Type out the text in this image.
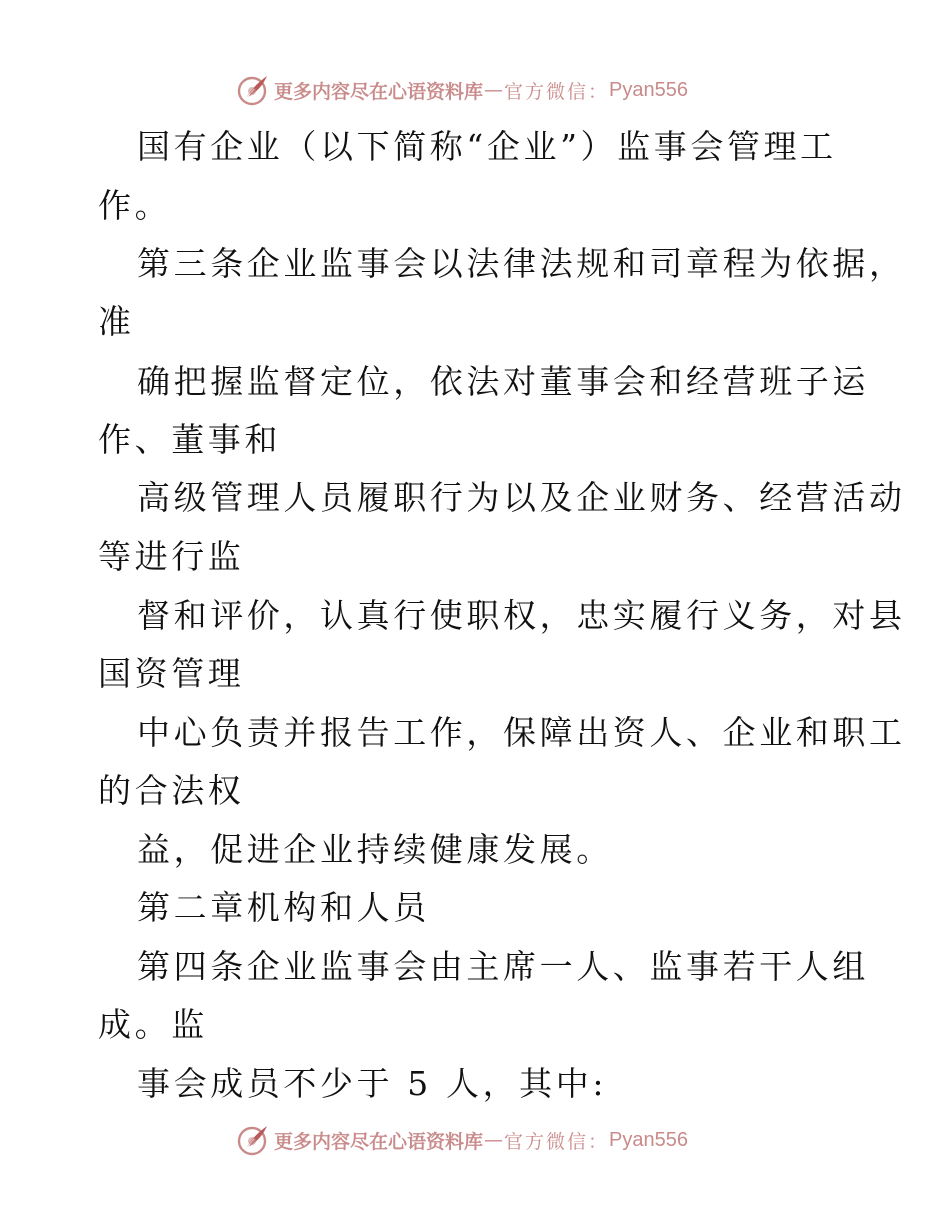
更多内容尽在心语资料库 — 官方微信： Pyan556
国有企业（以下简称“企业”）监事会管理工
作。
第三条企业监事会以法律法规和司章程为依据，
准
确把握监督定位，依法对董事会和经营班子运
作、董事和
高级管理人员履职行为以及企业财务、经营活动
等进行监
督和评价，认真行使职权，忠实履行义务，对县
国资管理
中心负责并报告工作，保障出资人、企业和职工
的合法权
益，促进企业持续健康发展。
第二章机构和人员
第四条企业监事会由主席一人、监事若干人组
成。监
事会成员不少于 5 人，其中:
更多内容尽在心语资料库 — 官方微信： Pyan556
